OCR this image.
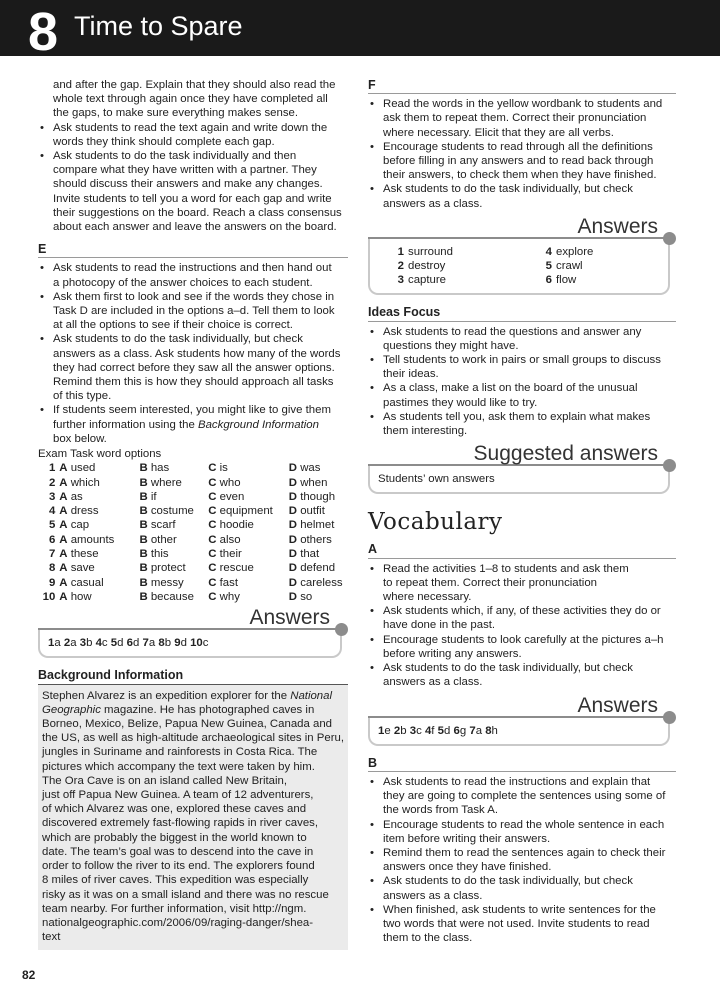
8 Time to Spare
and after the gap. Explain that they should also read the
whole text through again once they have completed all
the gaps, to make sure everything makes sense.
• Ask students to read the text again and write down the
words they think should complete each gap.
• Ask students to do the task individually and then
compare what they have written with a partner. They
should discuss their answers and make any changes.
Invite students to tell you a word for each gap and write
their suggestions on the board. Reach a class consensus
about each answer and leave the answers on the board.
E
• Ask students to read the instructions and then hand out
a photocopy of the answer choices to each student.
• Ask them first to look and see if the words they chose in
Task D are included in the options a–d. Tell them to look
at all the options to see if their choice is correct.
• Ask students to do the task individually, but check
answers as a class. Ask students how many of the words
they had correct before they saw all the answer options.
Remind them this is how they should approach all tasks
of this type.
• If students seem interested, you might like to give them
further information using the Background Information
box below.
Exam Task word options
1	A used	B has	C is	D was
2	A which	B where	C who	D when
3	A as	B if	C even	D though
4	A dress	B costume	C equipment	D outfit
5	A cap	B scarf	C hoodie	D helmet
6	A amounts	B other	C also	D others
7	A these	B this	C their	D that
8	A save	B protect	C rescue	D defend
9	A casual	B messy	C fast	D careless
10	A how	B because	C why	D so
Answers
1a 2a 3b 4c 5d 6d 7a 8b 9d 10c
Background Information
Stephen Alvarez is an expedition explorer for the National
Geographic magazine. He has photographed caves in
Borneo, Mexico, Belize, Papua New Guinea, Canada and
the US, as well as high-altitude archaeological sites in Peru,
jungles in Suriname and rainforests in Costa Rica. The
pictures which accompany the text were taken by him.
The Ora Cave is on an island called New Britain,
just off Papua New Guinea. A team of 12 adventurers,
of which Alvarez was one, explored these caves and
discovered extremely fast-flowing rapids in river caves,
which are probably the biggest in the world known to
date. The team’s goal was to descend into the cave in
order to follow the river to its end. The explorers found
8 miles of river caves. This expedition was especially
risky as it was on a small island and there was no rescue
team nearby. For further information, visit http://ngm.
nationalgeographic.com/2006/09/raging-danger/shea-
text
F
• Read the words in the yellow wordbank to students and
ask them to repeat them. Correct their pronunciation
where necessary. Elicit that they are all verbs.
• Encourage students to read through all the definitions
before filling in any answers and to read back through
their answers, to check them when they have finished.
• Ask students to do the task individually, but check
answers as a class.
Answers
1 surround	4 explore
2 destroy	5 crawl
3 capture	6 flow
Ideas Focus
• Ask students to read the questions and answer any
questions they might have.
• Tell students to work in pairs or small groups to discuss
their ideas.
• As a class, make a list on the board of the unusual
pastimes they would like to try.
• As students tell you, ask them to explain what makes
them interesting.
Suggested answers
Students’ own answers
Vocabulary
A
• Read the activities 1–8 to students and ask them
to repeat them. Correct their pronunciation
where necessary.
• Ask students which, if any, of these activities they do or
have done in the past.
• Encourage students to look carefully at the pictures a–h
before writing any answers.
• Ask students to do the task individually, but check
answers as a class.
Answers
1e 2b 3c 4f 5d 6g 7a 8h
B
• Ask students to read the instructions and explain that
they are going to complete the sentences using some of
the words from Task A.
• Encourage students to read the whole sentence in each
item before writing their answers.
• Remind them to read the sentences again to check their
answers once they have finished.
• Ask students to do the task individually, but check
answers as a class.
• When finished, ask students to write sentences for the
two words that were not used. Invite students to read
them to the class.
82
